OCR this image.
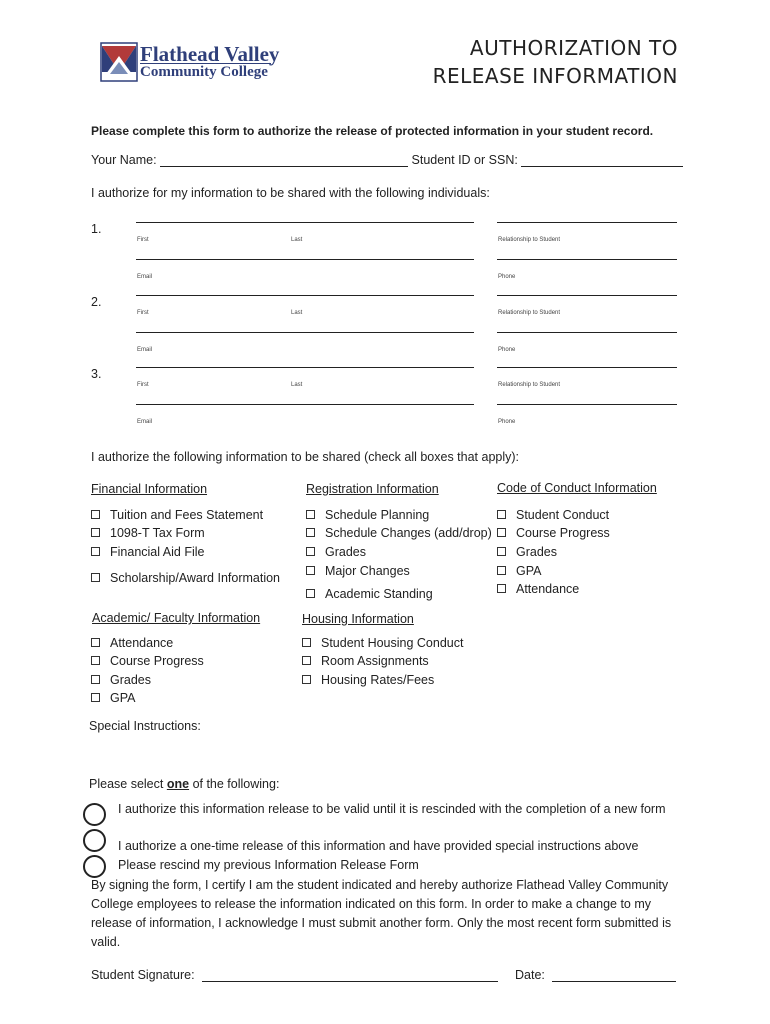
Flathead Valley
Community College
AUTHORIZATION TO
RELEASE INFORMATION
Please complete this form to authorize the release of protected information in your student record.
Your Name:	Student ID or SSN:
I authorize for my information to be shared with the following individuals:
1.
First	Last	Relationship to Student
Email	Phone
2.
First	Last	Relationship to Student
Email	Phone
3.
First	Last	Relationship to Student
Email	Phone
I authorize the following information to be shared (check all boxes that apply):
Financial Information
Tuition and Fees Statement
1098-T Tax Form
Financial Aid File
Scholarship/Award Information
Registration Information
Schedule Planning
Schedule Changes (add/drop)
Grades
Major Changes
Academic Standing
Code of Conduct Information
Student Conduct
Course Progress
Grades
GPA
Attendance
Academic/ Faculty Information
Attendance
Course Progress
Grades
GPA
Housing Information
Student Housing Conduct
Room Assignments
Housing Rates/Fees
Special Instructions:
Please select one of the following:
I authorize this information release to be valid until it is rescinded with the completion of a new form
I authorize a one-time release of this information and have provided special instructions above
Please rescind my previous Information Release Form
By signing the form, I certify I am the student indicated and hereby authorize Flathead Valley Community College employees to release the information indicated on this form. In order to make a change to my release of information, I acknowledge I must submit another form. Only the most recent form submitted is valid.
Student Signature:	Date:
